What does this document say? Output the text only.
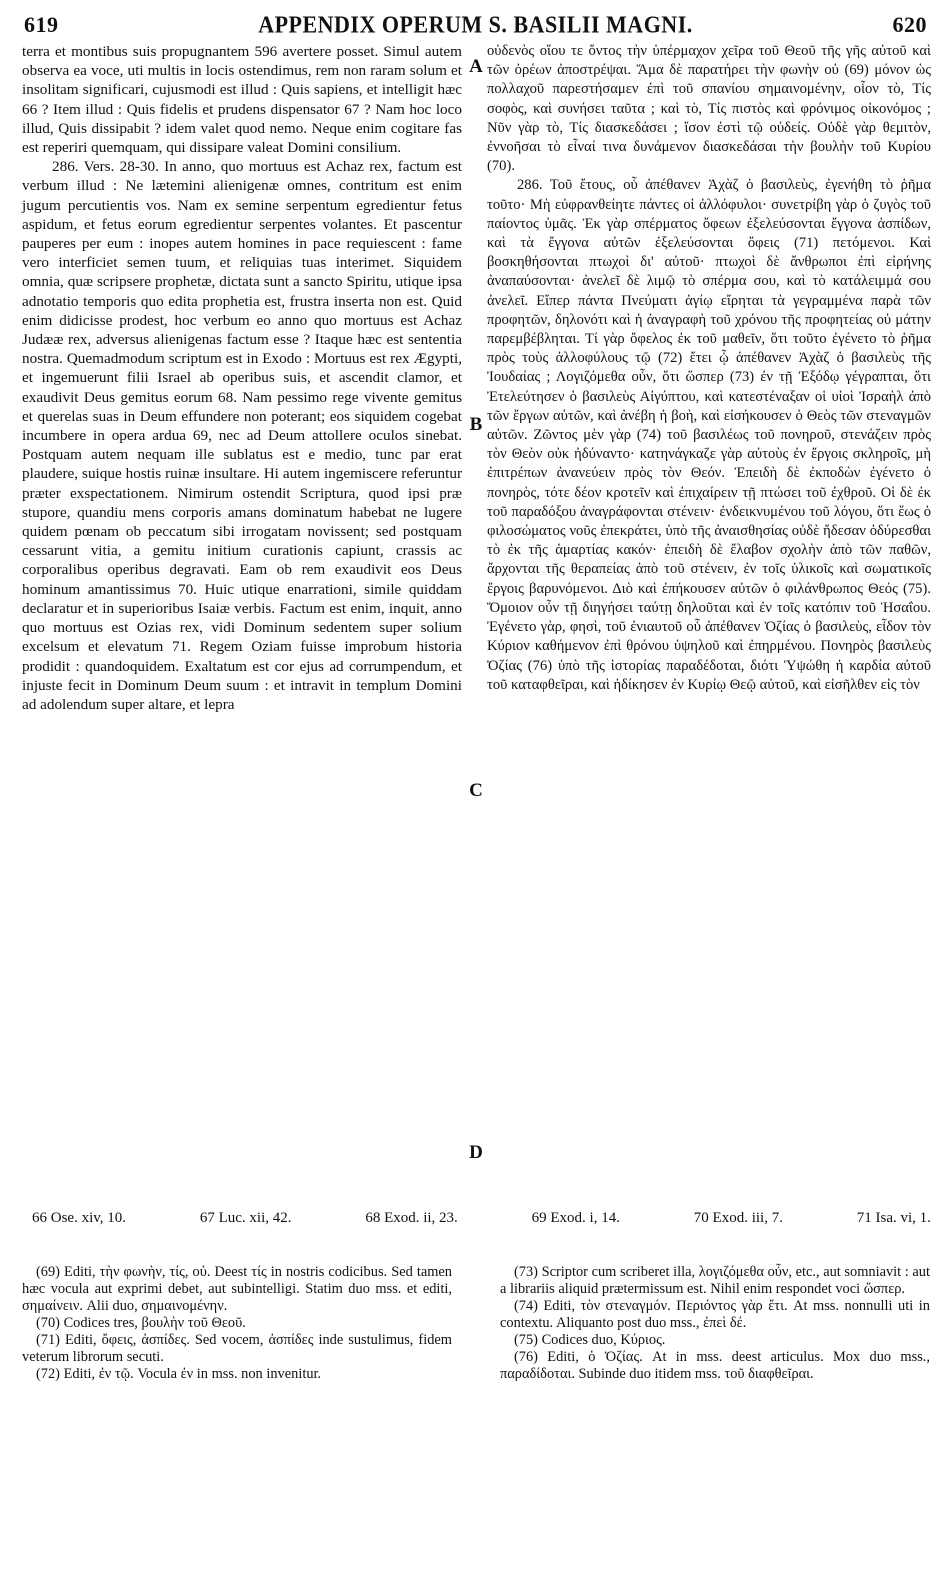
619	APPENDIX OPERUM S. BASILII MAGNI.	620

terra et montibus suis propugnantem 596 avertere posset. Simul autem observa ea voce, uti multis in locis ostendimus, rem non raram solum et insolitam significari, cujusmodi est illud : Quis sapiens, et intelligit hæc 66 ? Item illud : Quis fidelis et prudens dispensator 67 ? Nam hoc loco illud, Quis dissipabit ? idem valet quod nemo. Neque enim cogitare fas est reperiri quemquam, qui dissipare valeat Domini consilium.

286. Vers. 28-30. In anno, quo mortuus est Achaz rex, factum est verbum illud : Ne lætemini alienigenæ omnes, contritum est enim jugum percutientis vos. Nam ex semine serpentum egredientur fetus aspidum, et fetus eorum egredientur serpentes volantes. Et pascentur pauperes per eum : inopes autem homines in pace requiescent : fame vero interficiet semen tuum, et reliquias tuas interimet. Siquidem omnia, quæ scripsere prophetæ, dictata sunt a sancto Spiritu, utique ipsa adnotatio temporis quo edita prophetia est, frustra inserta non est. Quid enim didicisse prodest, hoc verbum eo anno quo mortuus est Achaz Judææ rex, adversus alienigenas factum esse ? Itaque hæc est sententia nostra. Quemadmodum scriptum est in Exodo : Mortuus est rex Ægypti, et ingemuerunt filii Israel ab operibus suis, et ascendit clamor, et exaudivit Deus gemitus eorum 68. Nam pessimo rege vivente gemitus et querelas suas in Deum effundere non poterant; eos siquidem cogebat incumbere in opera ardua 69, nec ad Deum attollere oculos sinebat. Postquam autem nequam ille sublatus est e medio, tunc par erat plaudere, suique hostis ruinæ insultare. Hi autem ingemiscere referuntur præter exspectationem. Nimirum ostendit Scriptura, quod ipsi præ stupore, quandiu mens corporis amans dominatum habebat ne lugere quidem pœnam ob peccatum sibi irrogatam novissent; sed postquam cessarunt vitia, a gemitu initium curationis capiunt, crassis ac corporalibus operibus degravati. Eam ob rem exaudivit eos Deus hominum amantissimus 70. Huic utique enarrationi, simile quiddam declaratur et in superioribus Isaiæ verbis. Factum est enim, inquit, anno quo mortuus est Ozias rex, vidi Dominum sedentem super solium excelsum et elevatum 71. Regem Oziam fuisse improbum historia prodidit : quandoquidem. Exaltatum est cor ejus ad corrumpendum, et injuste fecit in Dominum Deum suum : et intravit in templum Domini ad adolendum super altare, et lepra

A
B
C
D

οὐδενὸς οἵου τε ὄντος τὴν ὑπέρμαχον χεῖρα τοῦ Θεοῦ τῆς γῆς αὐτοῦ καὶ τῶν ὀρέων ἀποστρέψαι. Ἅμα δὲ παρατήρει τὴν φωνὴν οὐ (69) μόνον ὡς πολλαχοῦ παρεστήσαμεν ἐπὶ τοῦ σπανίου σημαινομένην, οἷον τὸ, Τίς σοφὸς, καὶ συνήσει ταῦτα ; καὶ τὸ, Τίς πιστὸς καὶ φρόνιμος οἰκονόμος ; Νῦν γὰρ τὸ, Τίς διασκεδάσει ; ἴσον ἐστὶ τῷ οὐδείς. Οὐδὲ γὰρ θεμιτὸν, ἐννοῆσαι τὸ εἶναί τινα δυνάμενον διασκεδάσαι τὴν βουλὴν τοῦ Κυρίου (70).

286. Τοῦ ἔτους, οὗ ἀπέθανεν Ἀχὰζ ὁ βασιλεὺς, ἐγενήθη τὸ ῥῆμα τοῦτο· Μὴ εὐφρανθείητε πάντες οἱ ἀλλόφυλοι· συνετρίβη γὰρ ὁ ζυγὸς τοῦ παίοντος ὑμᾶς. Ἐκ γὰρ σπέρματος ὄφεων ἐξελεύσονται ἔγγονα ἀσπίδων, καὶ τὰ ἔγγονα αὐτῶν ἐξελεύσονται ὄφεις (71) πετόμενοι. Καὶ βοσκηθήσονται πτωχοὶ δι' αὐτοῦ· πτωχοὶ δὲ ἄνθρωποι ἐπὶ εἰρήνης ἀναπαύσονται· ἀνελεῖ δὲ λιμῷ τὸ σπέρμα σου, καὶ τὸ κατάλειμμά σου ἀνελεῖ. Εἴπερ πάντα Πνεύματι ἁγίῳ εἴρηται τὰ γεγραμμένα παρὰ τῶν προφητῶν, δηλονότι καὶ ἡ ἀναγραφὴ τοῦ χρόνου τῆς προφητείας οὐ μάτην παρεμβέβληται. Τί γὰρ ὄφελος ἐκ τοῦ μαθεῖν, ὅτι τοῦτο ἐγένετο τὸ ῥῆμα πρὸς τοὺς ἀλλοφύλους τῷ (72) ἔτει ᾧ ἀπέθανεν Ἀχὰζ ὁ βασιλεὺς τῆς Ἰουδαίας ; Λογιζόμεθα οὖν, ὅτι ὥσπερ (73) ἐν τῇ Ἐξόδῳ γέγραπται, ὅτι Ἐτελεύτησεν ὁ βασιλεὺς Αἰγύπτου, καὶ κατεστέναξαν οἱ υἱοὶ Ἰσραὴλ ἀπὸ τῶν ἔργων αὐτῶν, καὶ ἀνέβη ἡ βοὴ, καὶ εἰσήκουσεν ὁ Θεὸς τῶν στεναγμῶν αὐτῶν. Ζῶντος μὲν γὰρ (74) τοῦ βασιλέως τοῦ πονηροῦ, στενάζειν πρὸς τὸν Θεὸν οὐκ ἠδύναντο· κατηνάγκαζε γὰρ αὐτοὺς ἐν ἔργοις σκληροῖς, μὴ ἐπιτρέπων ἀνανεύειν πρὸς τὸν Θεόν. Ἐπειδὴ δὲ ἐκποδὼν ἐγένετο ὁ πονηρὸς, τότε δέον κροτεῖν καὶ ἐπιχαίρειν τῇ πτώσει τοῦ ἐχθροῦ. Οἱ δὲ ἐκ τοῦ παραδόξου ἀναγράφονται στένειν· ἐνδεικνυμένου τοῦ λόγου, ὅτι ἕως ὁ φιλοσώματος νοῦς ἐπεκράτει, ὑπὸ τῆς ἀναισθησίας οὐδὲ ἤδεσαν ὀδύρεσθαι τὸ ἐκ τῆς ἁμαρτίας κακόν· ἐπειδὴ δὲ ἔλαβον σχολὴν ἀπὸ τῶν παθῶν, ἄρχονται τῆς θεραπείας ἀπὸ τοῦ στένειν, ἐν τοῖς ὑλικοῖς καὶ σωματικοῖς ἔργοις βαρυνόμενοι. Διὸ καὶ ἐπήκουσεν αὐτῶν ὁ φιλάνθρωπος Θεός (75). Ὅμοιον οὖν τῇ διηγήσει ταύτῃ δηλοῦται καὶ ἐν τοῖς κατόπιν τοῦ Ἡσαΐου. Ἐγένετο γὰρ, φησὶ, τοῦ ἐνιαυτοῦ οὗ ἀπέθανεν Ὀζίας ὁ βασιλεὺς, εἶδον τὸν Κύριον καθήμενον ἐπὶ θρόνου ὑψηλοῦ καὶ ἐπηρμένου. Πονηρὸς βασιλεὺς Ὀζίας (76) ὑπὸ τῆς ἱστορίας παραδέδοται, διότι Ὑψώθη ἡ καρδία αὐτοῦ τοῦ καταφθεῖραι, καὶ ἠδίκησεν ἐν Κυρίῳ Θεῷ αὐτοῦ, καὶ εἰσῆλθεν εἰς τὸν

66 Ose. xiv, 10.	67 Luc. xii, 42.	68 Exod. ii, 23.	69 Exod. i, 14.	70 Exod. iii, 7.	71 Isa. vi, 1.

(69) Editi, τὴν φωνὴν, τίς, οὐ. Deest τίς in nostris codicibus. Sed tamen hæc vocula aut exprimi debet, aut subintelligi. Statim duo mss. et editi, σημαίνειν. Alii duo, σημαινομένην.

(70) Codices tres, βουλὴν τοῦ Θεοῦ.

(71) Editi, ὄφεις, ἀσπίδες. Sed vocem, ἀσπίδες inde sustulimus, fidem veterum librorum secuti.

(72) Editi, ἐν τῷ. Vocula ἐν in mss. non invenitur.

(73) Scriptor cum scriberet illa, λογιζόμεθα οὖν, etc., aut somniavit : aut a librariis aliquid prætermissum est. Nihil enim respondet voci ὥσπερ.

(74) Editi, τὸν στεναγμόν. Περιόντος γὰρ ἔτι. At mss. nonnulli uti in contextu. Aliquanto post duo mss., ἐπεὶ δέ.

(75) Codices duo, Κύριος.

(76) Editi, ὁ Ὀζίας. At in mss. deest articulus. Mox duo mss., παραδίδοται. Subinde duo itidem mss. τοῦ διαφθεῖραι.
